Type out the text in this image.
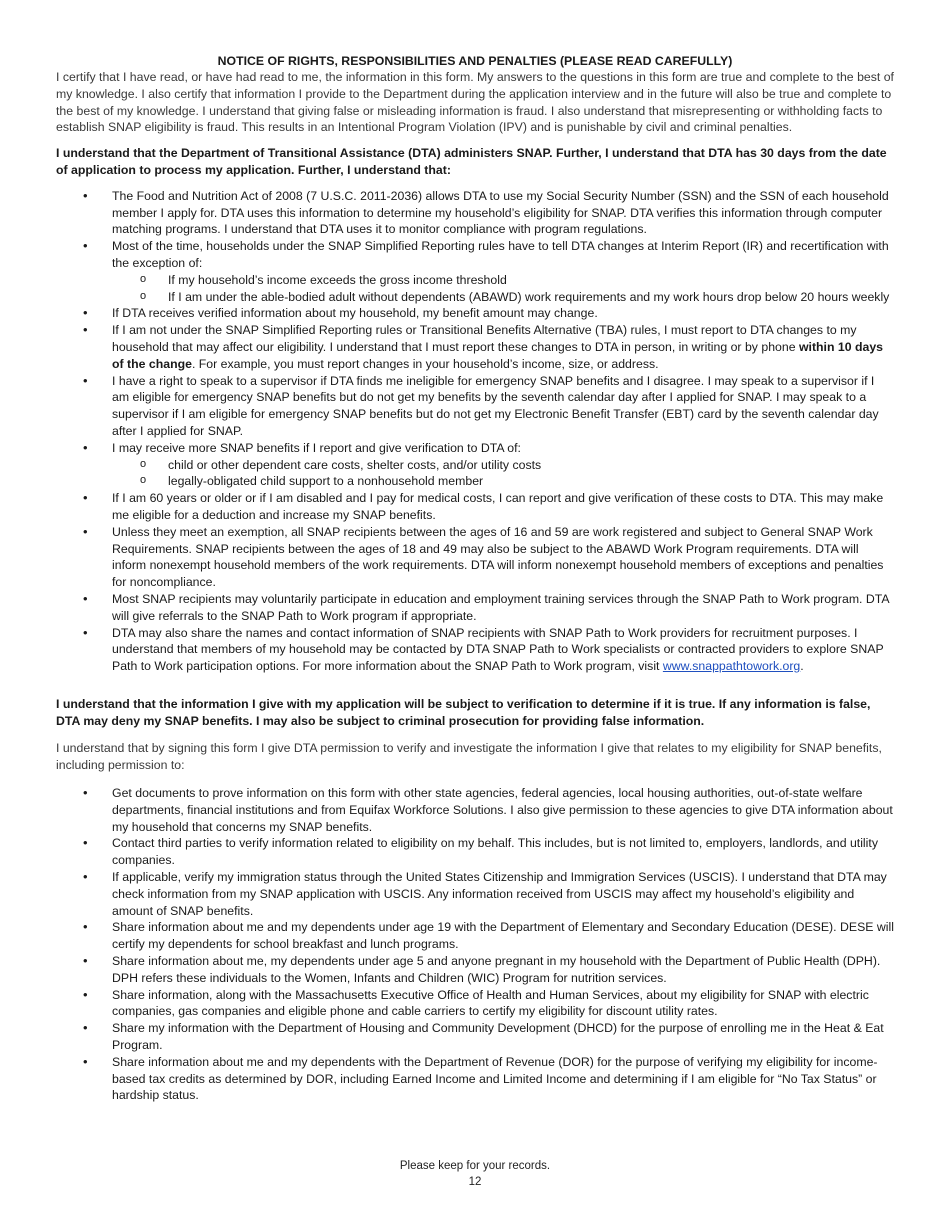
NOTICE OF RIGHTS, RESPONSIBILITIES AND PENALTIES (PLEASE READ CAREFULLY)

I certify that I have read, or have had read to me, the information in this form. My answers to the questions in this form are true and complete to the best of my knowledge. I also certify that information I provide to the Department during the application interview and in the future will also be true and complete to the best of my knowledge. I understand that giving false or misleading information is fraud. I also understand that misrepresenting or withholding facts to establish SNAP eligibility is fraud. This results in an Intentional Program Violation (IPV) and is punishable by civil and criminal penalties.

I understand that the Department of Transitional Assistance (DTA) administers SNAP. Further, I understand that DTA has 30 days from the date of application to process my application. Further, I understand that:

• The Food and Nutrition Act of 2008 (7 U.S.C. 2011-2036) allows DTA to use my Social Security Number (SSN) and the SSN of each household member I apply for. DTA uses this information to determine my household’s eligibility for SNAP. DTA verifies this information through computer matching programs. I understand that DTA uses it to monitor compliance with program regulations.
• Most of the time, households under the SNAP Simplified Reporting rules have to tell DTA changes at Interim Report (IR) and recertification with the exception of:
o If my household’s income exceeds the gross income threshold
o If I am under the able-bodied adult without dependents (ABAWD) work requirements and my work hours drop below 20 hours weekly
• If DTA receives verified information about my household, my benefit amount may change.
• If I am not under the SNAP Simplified Reporting rules or Transitional Benefits Alternative (TBA) rules, I must report to DTA changes to my household that may affect our eligibility. I understand that I must report these changes to DTA in person, in writing or by phone within 10 days of the change. For example, you must report changes in your household’s income, size, or address.
• I have a right to speak to a supervisor if DTA finds me ineligible for emergency SNAP benefits and I disagree. I may speak to a supervisor if I am eligible for emergency SNAP benefits but do not get my benefits by the seventh calendar day after I applied for SNAP. I may speak to a supervisor if I am eligible for emergency SNAP benefits but do not get my Electronic Benefit Transfer (EBT) card by the seventh calendar day after I applied for SNAP.
• I may receive more SNAP benefits if I report and give verification to DTA of:
o child or other dependent care costs, shelter costs, and/or utility costs
o legally-obligated child support to a nonhousehold member
• If I am 60 years or older or if I am disabled and I pay for medical costs, I can report and give verification of these costs to DTA. This may make me eligible for a deduction and increase my SNAP benefits.
• Unless they meet an exemption, all SNAP recipients between the ages of 16 and 59 are work registered and subject to General SNAP Work Requirements. SNAP recipients between the ages of 18 and 49 may also be subject to the ABAWD Work Program requirements. DTA will inform nonexempt household members of the work requirements. DTA will inform nonexempt household members of exceptions and penalties for noncompliance.
• Most SNAP recipients may voluntarily participate in education and employment training services through the SNAP Path to Work program. DTA will give referrals to the SNAP Path to Work program if appropriate.
• DTA may also share the names and contact information of SNAP recipients with SNAP Path to Work providers for recruitment purposes. I understand that members of my household may be contacted by DTA SNAP Path to Work specialists or contracted providers to explore SNAP Path to Work participation options. For more information about the SNAP Path to Work program, visit www.snappathtowork.org.

I understand that the information I give with my application will be subject to verification to determine if it is true. If any information is false, DTA may deny my SNAP benefits. I may also be subject to criminal prosecution for providing false information.

I understand that by signing this form I give DTA permission to verify and investigate the information I give that relates to my eligibility for SNAP benefits, including permission to:

• Get documents to prove information on this form with other state agencies, federal agencies, local housing authorities, out-of-state welfare departments, financial institutions and from Equifax Workforce Solutions. I also give permission to these agencies to give DTA information about my household that concerns my SNAP benefits.
• Contact third parties to verify information related to eligibility on my behalf. This includes, but is not limited to, employers, landlords, and utility companies.
• If applicable, verify my immigration status through the United States Citizenship and Immigration Services (USCIS). I understand that DTA may check information from my SNAP application with USCIS. Any information received from USCIS may affect my household’s eligibility and amount of SNAP benefits.
• Share information about me and my dependents under age 19 with the Department of Elementary and Secondary Education (DESE). DESE will certify my dependents for school breakfast and lunch programs.
• Share information about me, my dependents under age 5 and anyone pregnant in my household with the Department of Public Health (DPH). DPH refers these individuals to the Women, Infants and Children (WIC) Program for nutrition services.
• Share information, along with the Massachusetts Executive Office of Health and Human Services, about my eligibility for SNAP with electric companies, gas companies and eligible phone and cable carriers to certify my eligibility for discount utility rates.
• Share my information with the Department of Housing and Community Development (DHCD) for the purpose of enrolling me in the Heat & Eat Program.
• Share information about me and my dependents with the Department of Revenue (DOR) for the purpose of verifying my eligibility for income-based tax credits as determined by DOR, including Earned Income and Limited Income and determining if I am eligible for “No Tax Status” or hardship status.
Please keep for your records.
12
